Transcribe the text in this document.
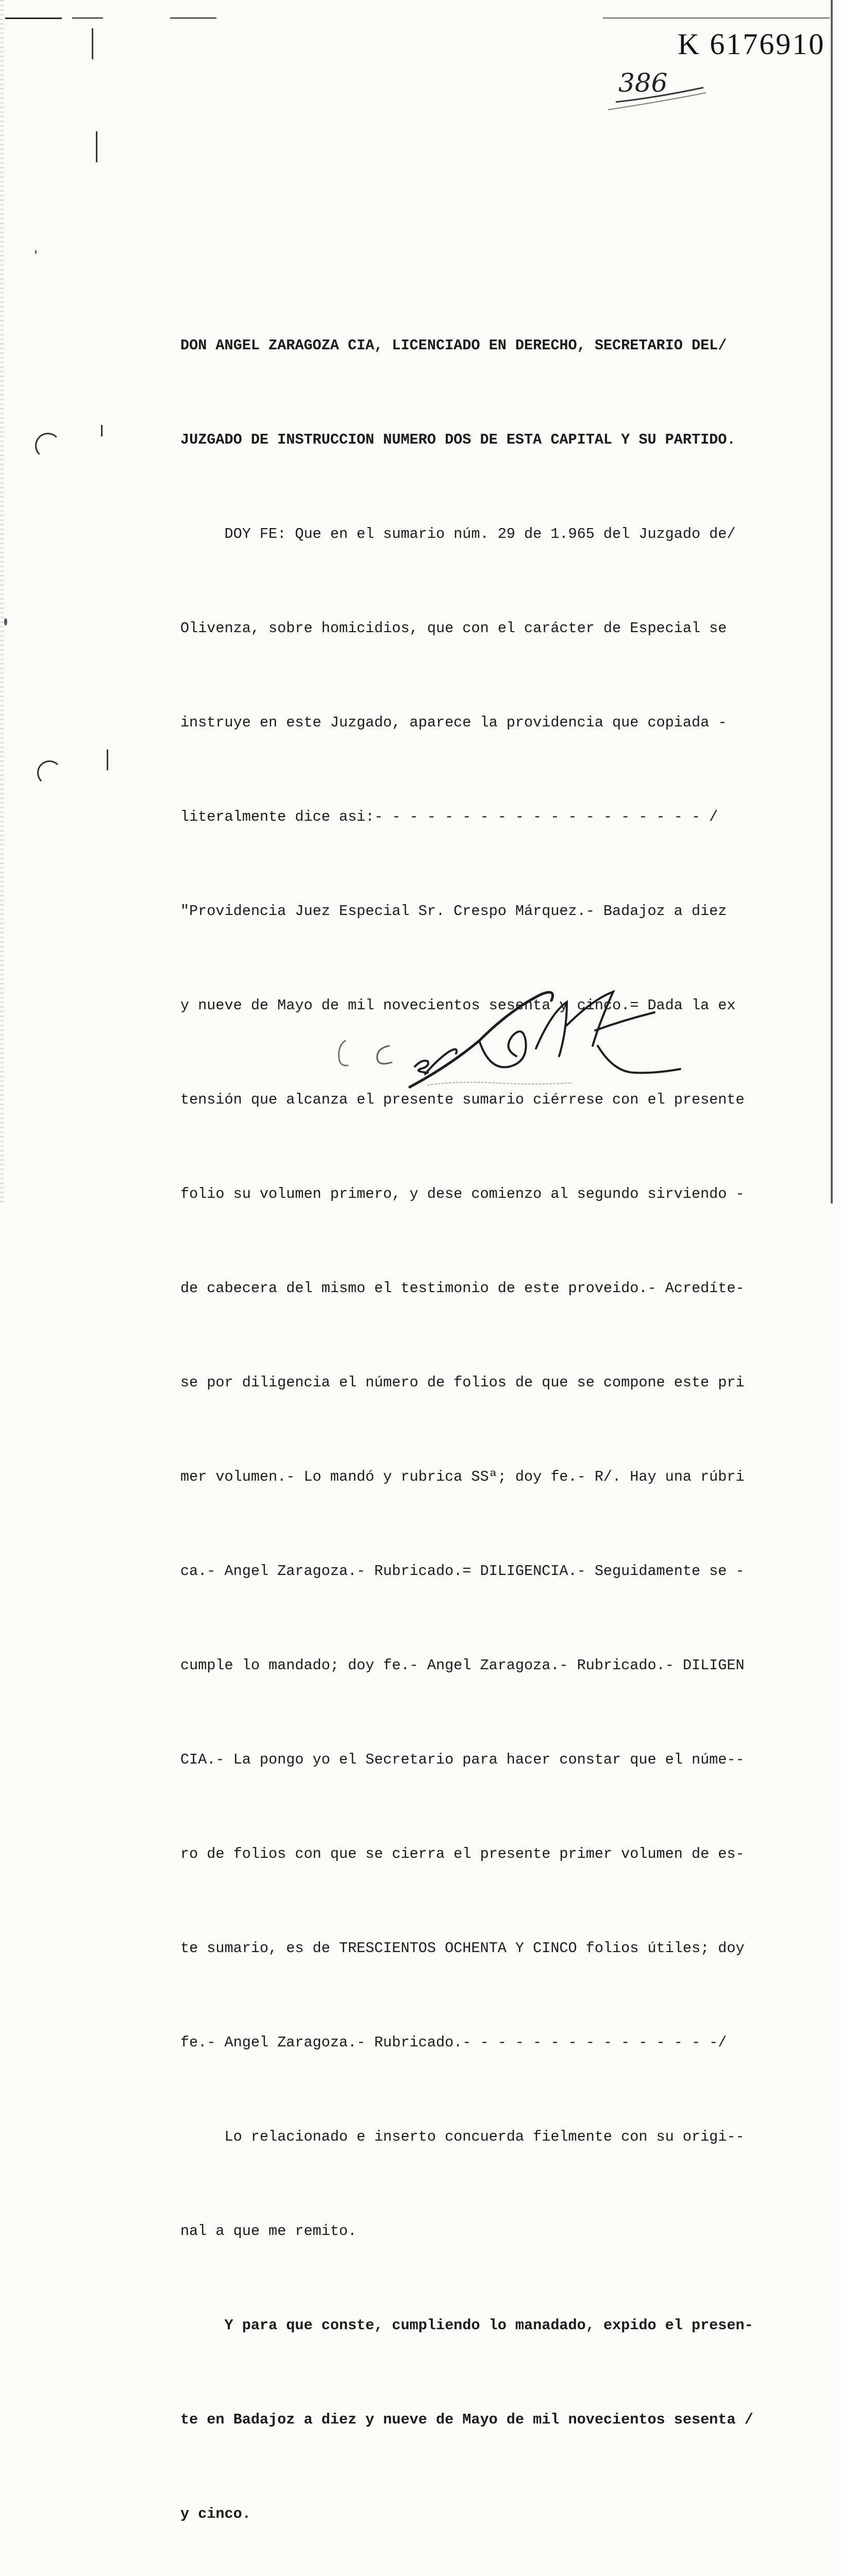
K 6176910
386

DON ANGEL ZARAGOZA CIA, LICENCIADO EN DERECHO, SECRETARIO DEL/

JUZGADO DE INSTRUCCION NUMERO DOS DE ESTA CAPITAL Y SU PARTIDO.

DOY FE: Que en el sumario núm. 29 de 1.965 del Juzgado de/

Olivenza, sobre homicidios, que con el carácter de Especial se

instruye en este Juzgado, aparece la providencia que copiada -

literalmente dice asi:- - - - - - - - - - - - - - - - - - - /

"Providencia Juez Especial Sr. Crespo Márquez.- Badajoz a diez

y nueve de Mayo de mil novecientos sesenta y cinco.= Dada la ex

tensión que alcanza el presente sumario ciérrese con el presente

folio su volumen primero, y dese comienzo al segundo sirviendo -

de cabecera del mismo el testimonio de este proveido.- Acredíte-

se por diligencia el número de folios de que se compone este pri

mer volumen.- Lo mandó y rubrica SSª; doy fe.- R/. Hay una rúbri

ca.- Angel Zaragoza.- Rubricado.= DILIGENCIA.- Seguidamente se -

cumple lo mandado; doy fe.- Angel Zaragoza.- Rubricado.- DILIGEN

CIA.- La pongo yo el Secretario para hacer constar que el núme--

ro de folios con que se cierra el presente primer volumen de es-

te sumario, es de TRESCIENTOS OCHENTA Y CINCO folios útiles; doy

fe.- Angel Zaragoza.- Rubricado.- - - - - - - - - - - - - - -/

Lo relacionado e inserto concuerda fielmente con su origi--

nal a que me remito.

Y para que conste, cumpliendo lo manadado, expido el presen-

te en Badajoz a diez y nueve de Mayo de mil novecientos sesenta /

y cinco.
